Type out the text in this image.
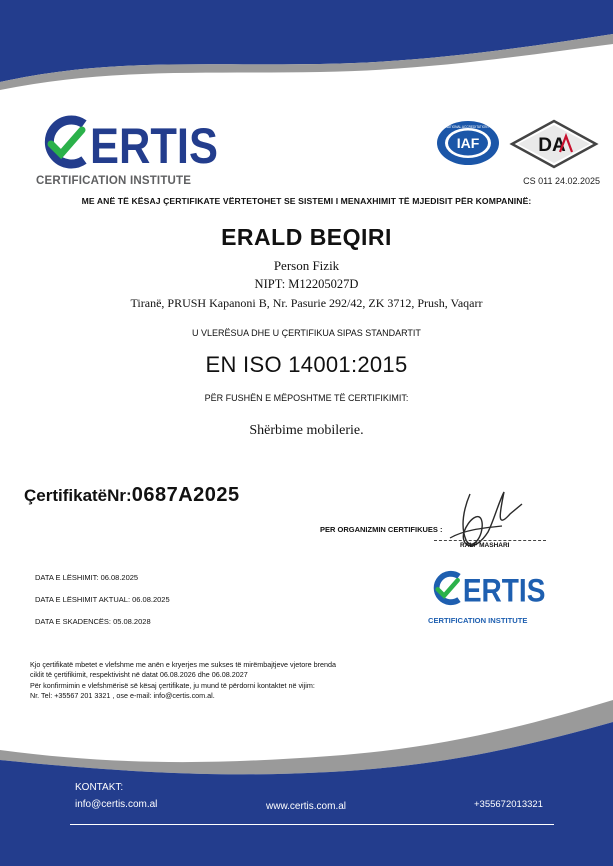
ERTIS
CERTIFICATION INSTITUTE
IAF
INTERNATIONAL ACCREDITATION FORUM
DA
CS 011 24.02.2025
ME ANË TË KËSAJ ÇERTIFIKATE VËRTETOHET SE SISTEMI I MENAXHIMIT TË MJEDISIT PËR KOMPANINË:
ERALD BEQIRI
Person Fizik
NIPT: M12205027D
Tiranë, PRUSH Kapanoni B, Nr. Pasurie 292/42, ZK 3712, Prush, Vaqarr
U VLERËSUA DHE U ÇERTIFIKUA SIPAS STANDARTIT
EN ISO 14001:2015
PËR FUSHËN E MËPOSHTME TË CERTIFIKIMIT:
Shërbime mobilerie.
ÇertifikatëNr:0687A2025
PER ORGANIZMIN CERTIFIKUES :
RALF MASHARI
ERTIS
CERTIFICATION INSTITUTE
DATA E LËSHIMIT: 06.08.2025
DATA E LËSHIMIT AKTUAL: 06.08.2025
DATA E SKADENCËS: 05.08.2028
Kjo çertifikatë mbetet e vlefshme me anën e kryerjes me sukses të mirëmbajtjeve vjetore brenda
ciklit të çertifikimit, respektivisht në datat 06.08.2026 dhe 06.08.2027
Për konfirmimin e vlefshmërisë së kësaj çertifikate, ju mund të përdorni kontaktet në vijim:
Nr. Tel: +35567 201 3321 , ose e-mail: info@certis.com.al.
KONTAKT:
info@certis.com.al	www.certis.com.al	+355672013321
